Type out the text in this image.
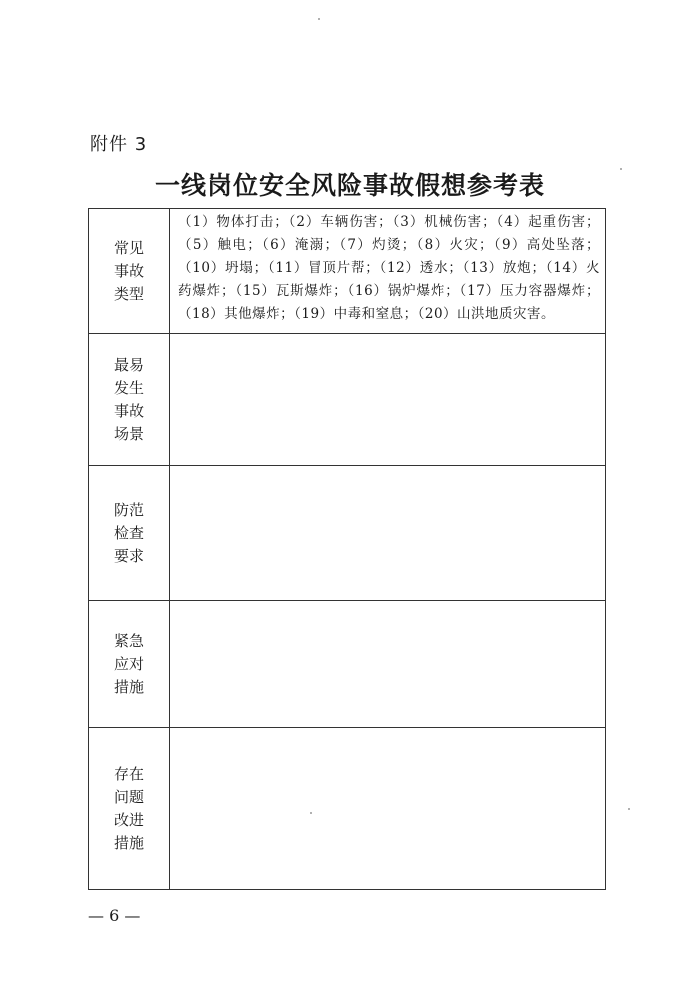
附件 3
一线岗位安全风险事故假想参考表
常见事故类型	（1）物体打击；（2）车辆伤害；（3）机械伤害；（4）起重伤害；（5）触电；（6）淹溺；（7）灼烫；（8）火灾；（9）高处坠落；（10）坍塌；（11）冒顶片帮；（12）透水；（13）放炮；（14）火药爆炸；（15）瓦斯爆炸；（16）锅炉爆炸；（17）压力容器爆炸；（18）其他爆炸；（19）中毒和窒息；（20）山洪地质灾害。
最易发生事故场景	
防范检查要求	
紧急应对措施	
存在问题改进措施	
— 6 —
